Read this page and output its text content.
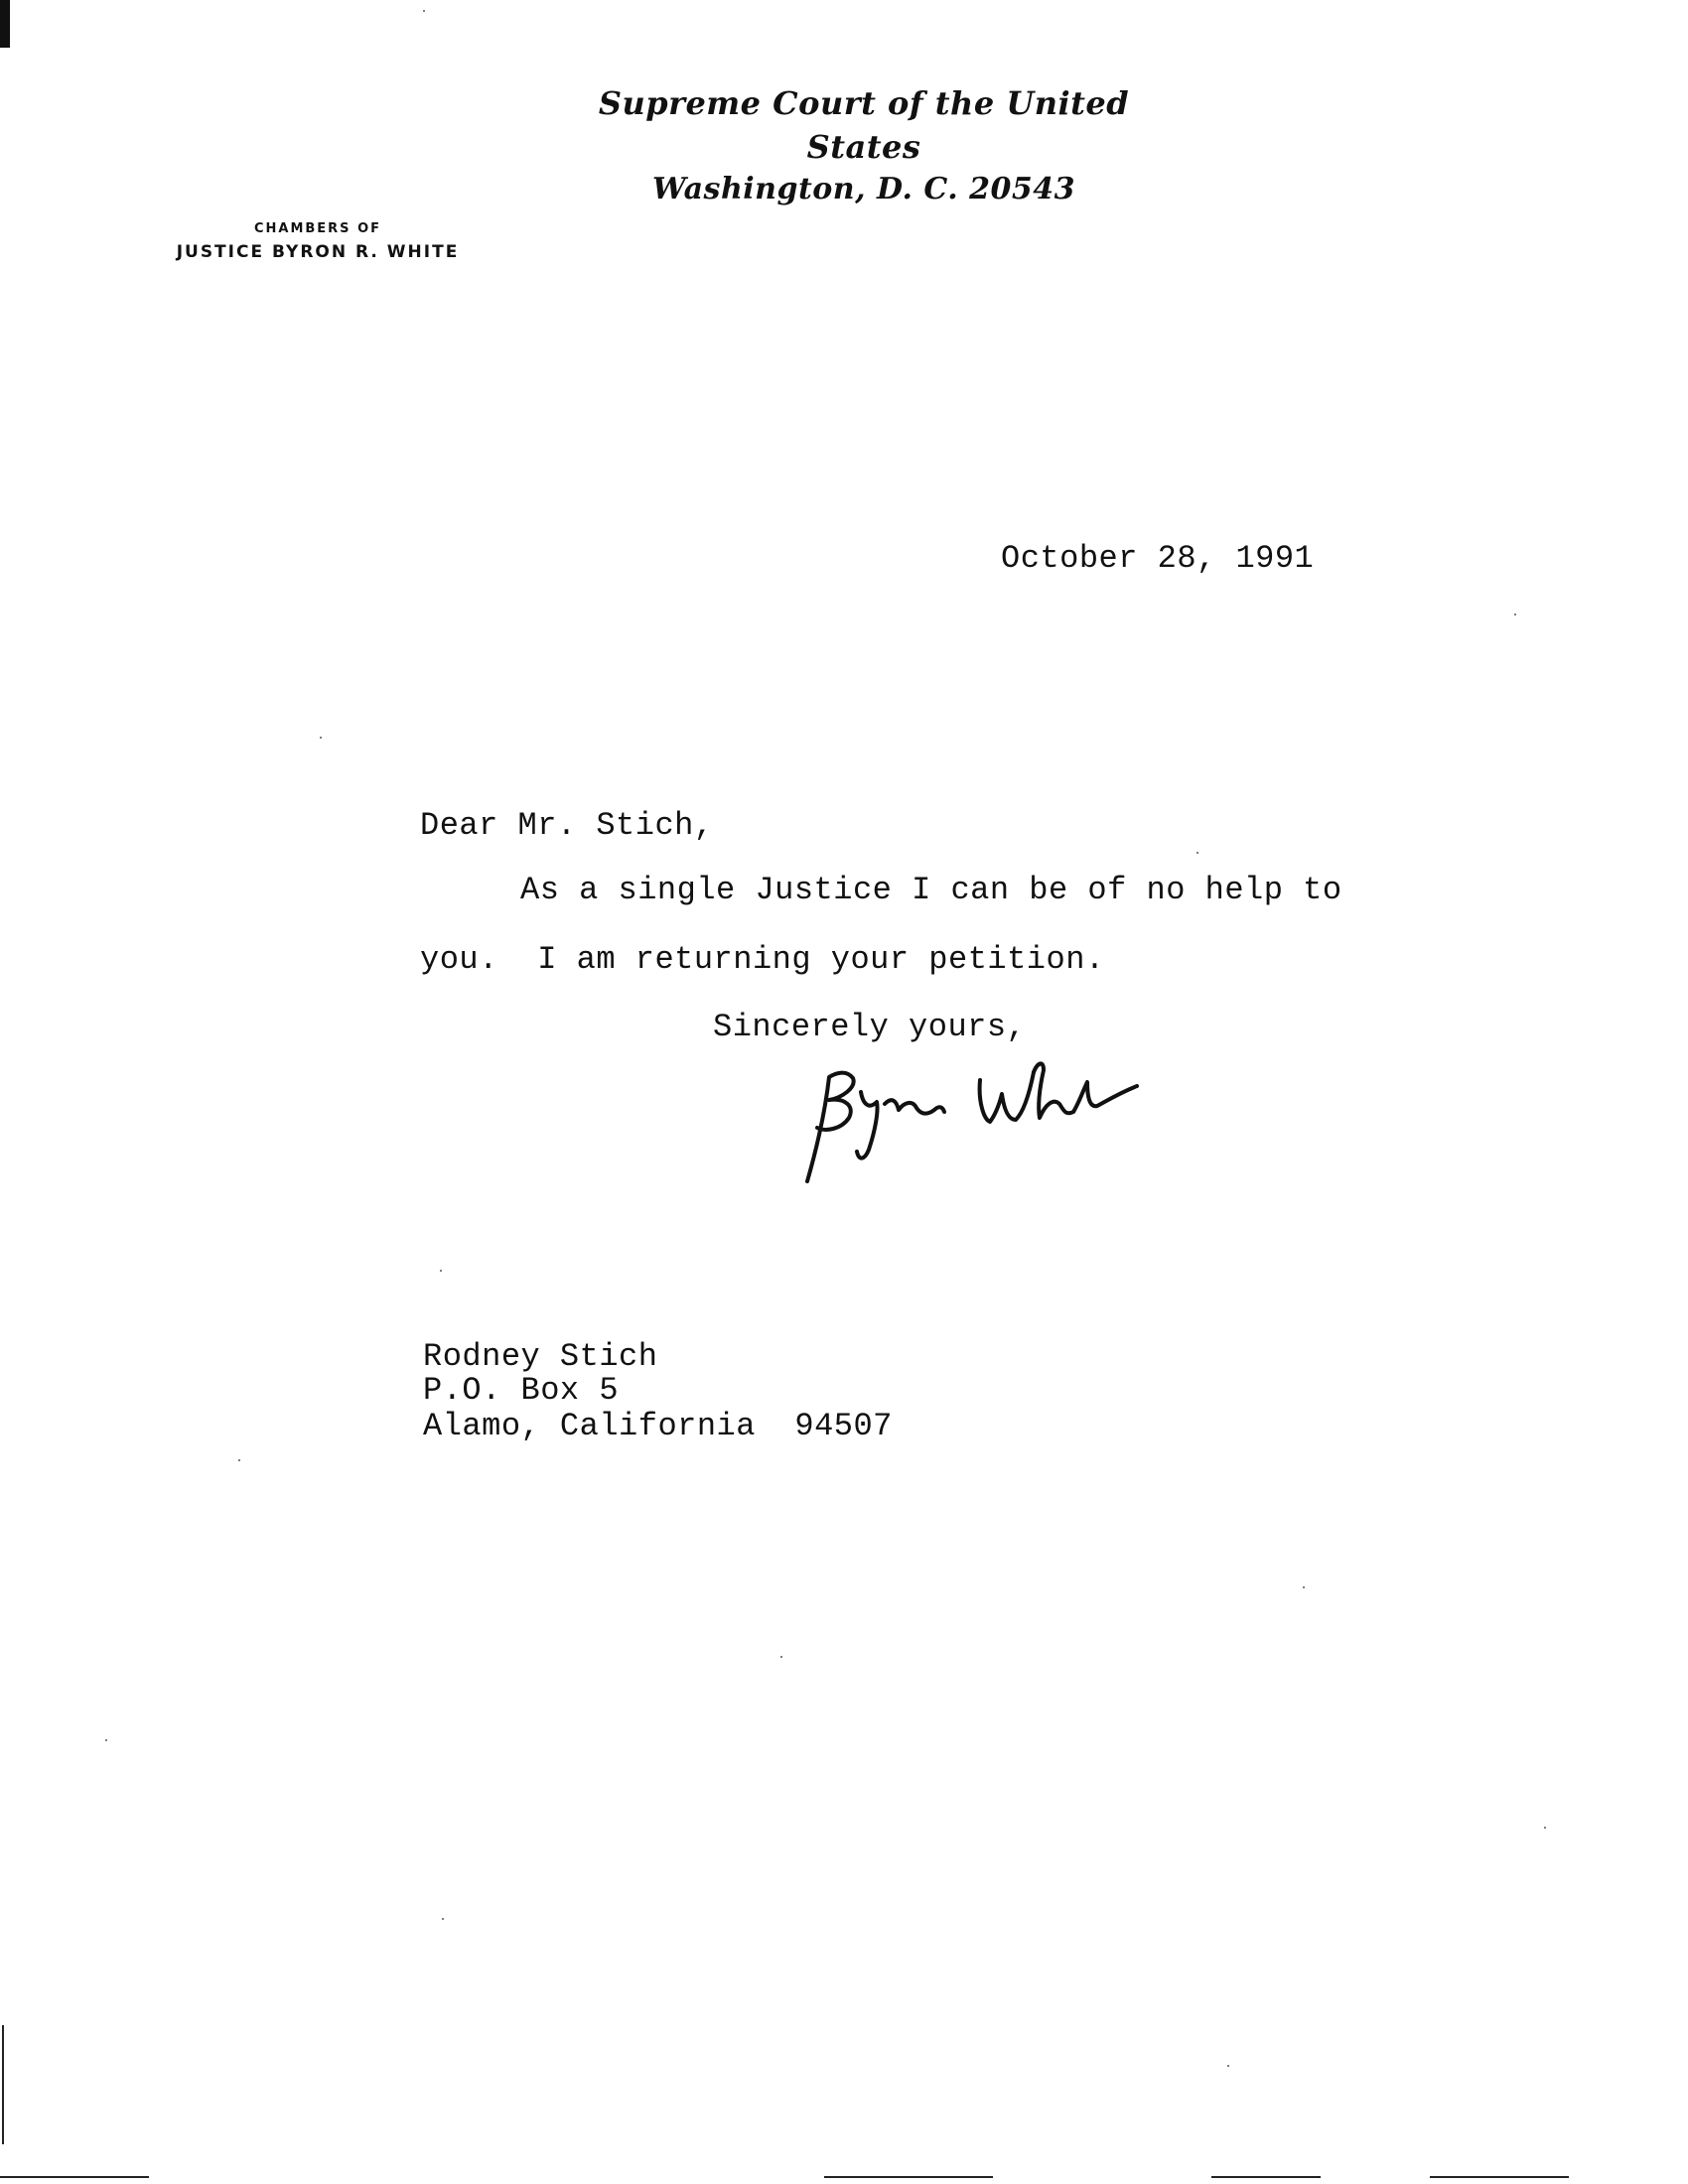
Supreme Court of the United States
Washington, D. C. 20543
CHAMBERS OF
JUSTICE BYRON R. WHITE
October 28, 1991
Dear Mr. Stich,
As a single Justice I can be of no help to
you.  I am returning your petition.
Sincerely yours,
Rodney Stich
P.O. Box 5
Alamo, California  94507
